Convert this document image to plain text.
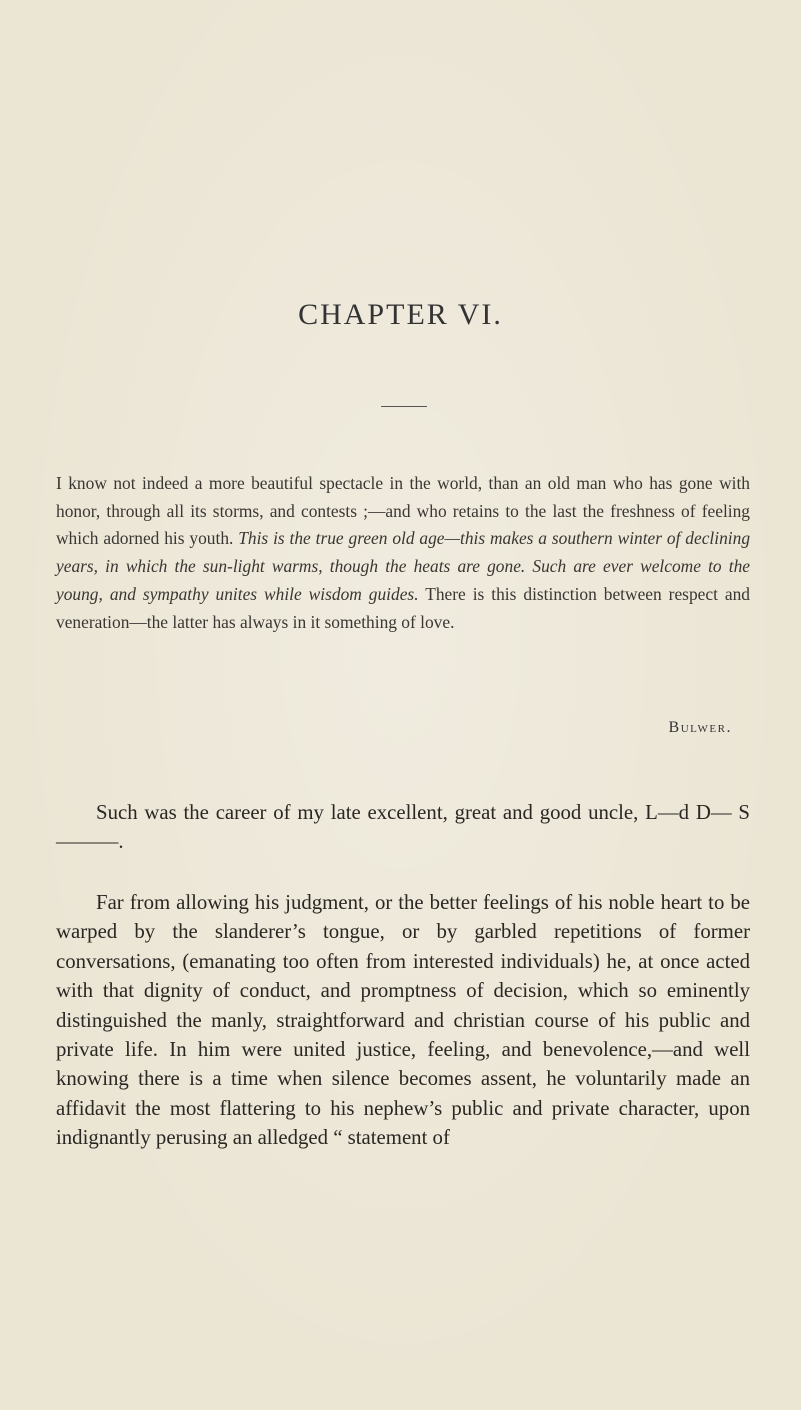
CHAPTER VI.

I know not indeed a more beautiful spectacle in the world, than an old man who has gone with honor, through all its storms, and contests ;—and who retains to the last the freshness of feeling which adorned his youth. This is the true green old age—this makes a southern winter of declining years, in which the sun-light warms, though the heats are gone. Such are ever welcome to the young, and sympathy unites while wisdom guides. There is this distinction between respect and veneration—the latter has always in it something of love.

Bulwer.

Such was the career of my late excellent, great and good uncle, L—d D— S———.

Far from allowing his judgment, or the better feelings of his noble heart to be warped by the slanderer’s tongue, or by garbled repetitions of former conversations, (emanating too often from interested individuals) he, at once acted with that dignity of conduct, and promptness of decision, which so eminently distinguished the manly, straightforward and christian course of his public and private life. In him were united justice, feeling, and benevolence,—and well knowing there is a time when silence becomes assent, he voluntarily made an affidavit the most flattering to his nephew’s public and private character, upon indignantly perusing an alledged “ statement of
